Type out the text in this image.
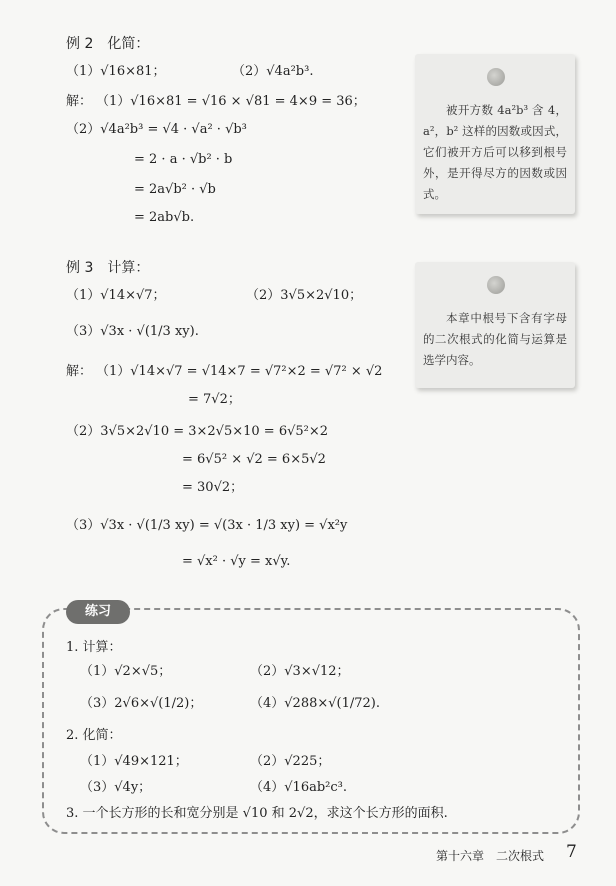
例 2　化简：
（1）√16×81；	（2）√4a²b³.
解： （1）√16×81 = √16 × √81 = 4×9 = 36；
（2）√4a²b³ = √4 · √a² · √b³
= 2 · a · √b² · b
= 2a√b² · √b
= 2ab√b.

被开方数 4a²b³ 含 4，a²，b² 这样的因数或因式，它们被开方后可以移到根号外，是开得尽方的因数或因式。

例 3　计算：
（1）√14×√7；	（2）3√5×2√10；
（3）√3x · √(1/3 xy).
解： （1）√14×√7 = √14×7 = √7²×2 = √7² × √2
= 7√2；
（2）3√5×2√10 = 3×2√5×10 = 6√5²×2
= 6√5² × √2 = 6×5√2
= 30√2；
（3）√3x · √(1/3 xy) = √(3x · 1/3 xy) = √x²y
= √x² · √y = x√y.

本章中根号下含有字母的二次根式的化简与运算是选学内容。

练习
1. 计算：
（1）√2×√5；	（2）√3×√12；
（3）2√6×√(1/2)；	（4）√288×√(1/72).
2. 化简：
（1）√49×121；	（2）√225；
（3）√4y；	（4）√16ab²c³.
3. 一个长方形的长和宽分别是 √10 和 2√2，求这个长方形的面积.
第十六章　二次根式 7
